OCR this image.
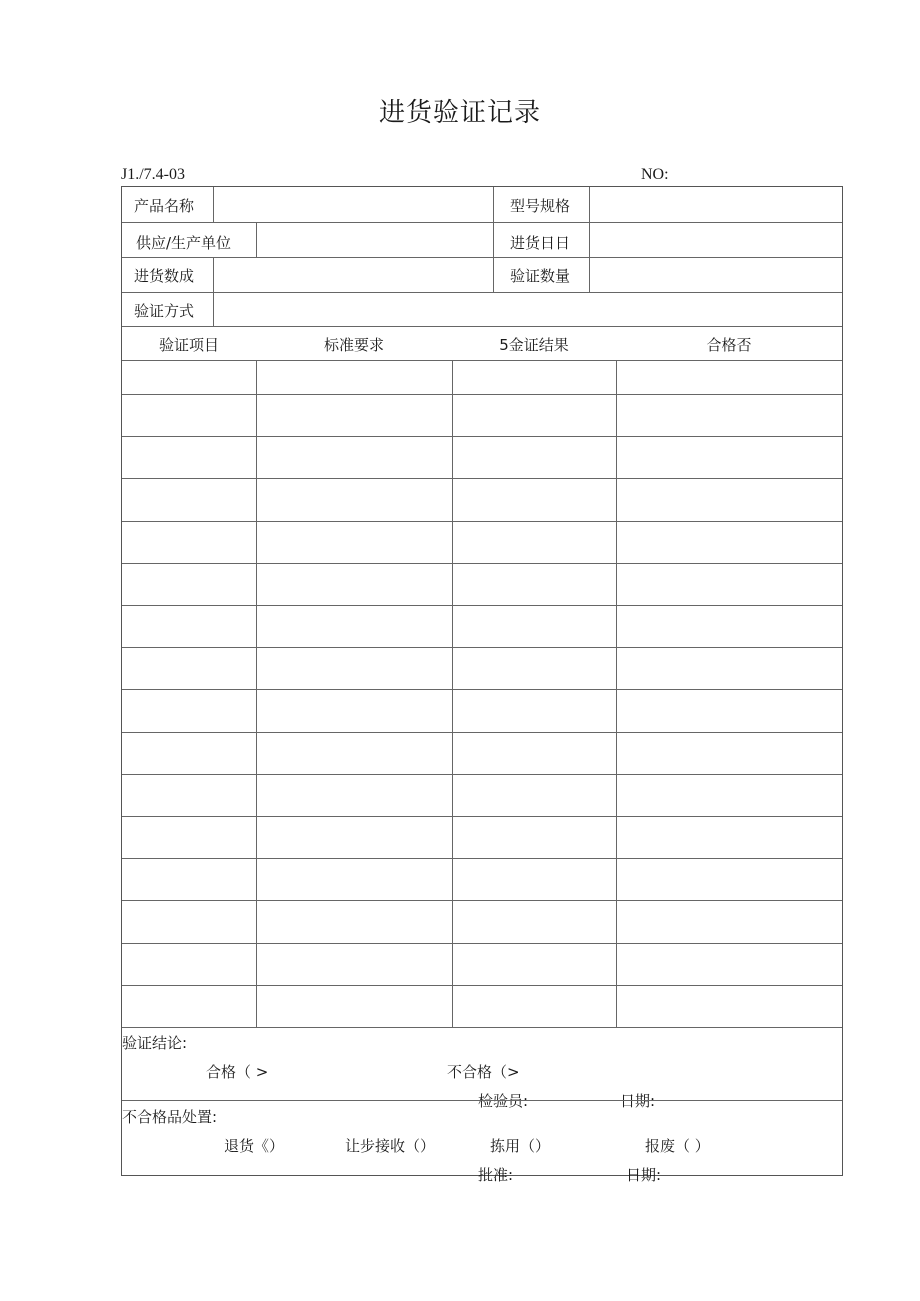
进货验证记录
J1./7.4-03	NO:
产品名称	型号规格
供应/生产单位	进货日日
进货数成	验证数量
验证方式
验证项目	标准要求	5金证结果	合格否
验证结论:
合格（ >	不合格（>
检验员:	日期:
不合格品处置:
退货《）	让步接收（）	拣用（）	报废（ ）
批准:	日期:
